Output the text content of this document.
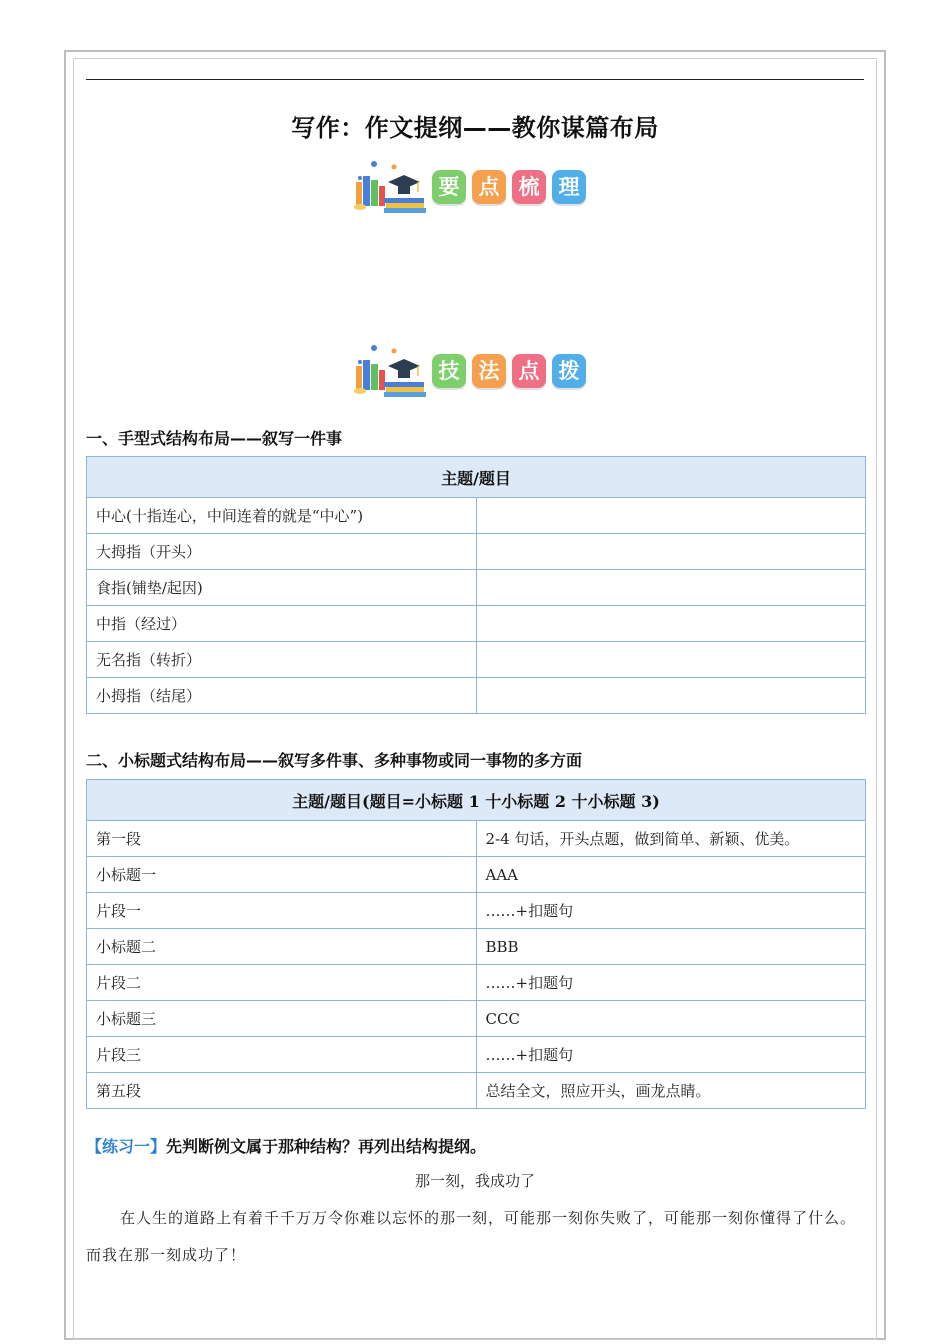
写作：作文提纲——教你谋篇布局
要 点 梳 理
技 法 点 拨
一、手型式结构布局——叙写一件事
主题/题目	
中心(十指连心，中间连着的就是“中心”)	
大拇指（开头）	
食指(铺垫/起因)	
中指（经过）	
无名指（转折）	
小拇指（结尾）	
二、小标题式结构布局——叙写多件事、多种事物或同一事物的多方面
主题/题目(题目=小标题 1 十小标题 2 十小标题 3)	
第一段	2-4 句话，开头点题，做到简单、新颖、优美。
小标题一	AAA
片段一	……+扣题句
小标题二	BBB
片段二	……+扣题句
小标题三	CCC
片段三	……+扣题句
第五段	总结全文，照应开头，画龙点睛。
【练习一】先判断例文属于那种结构？再列出结构提纲。
那一刻，我成功了
在人生的道路上有着千千万万令你难以忘怀的那一刻，可能那一刻你失败了，可能那一刻你懂得了什么。而我在那一刻成功了！
